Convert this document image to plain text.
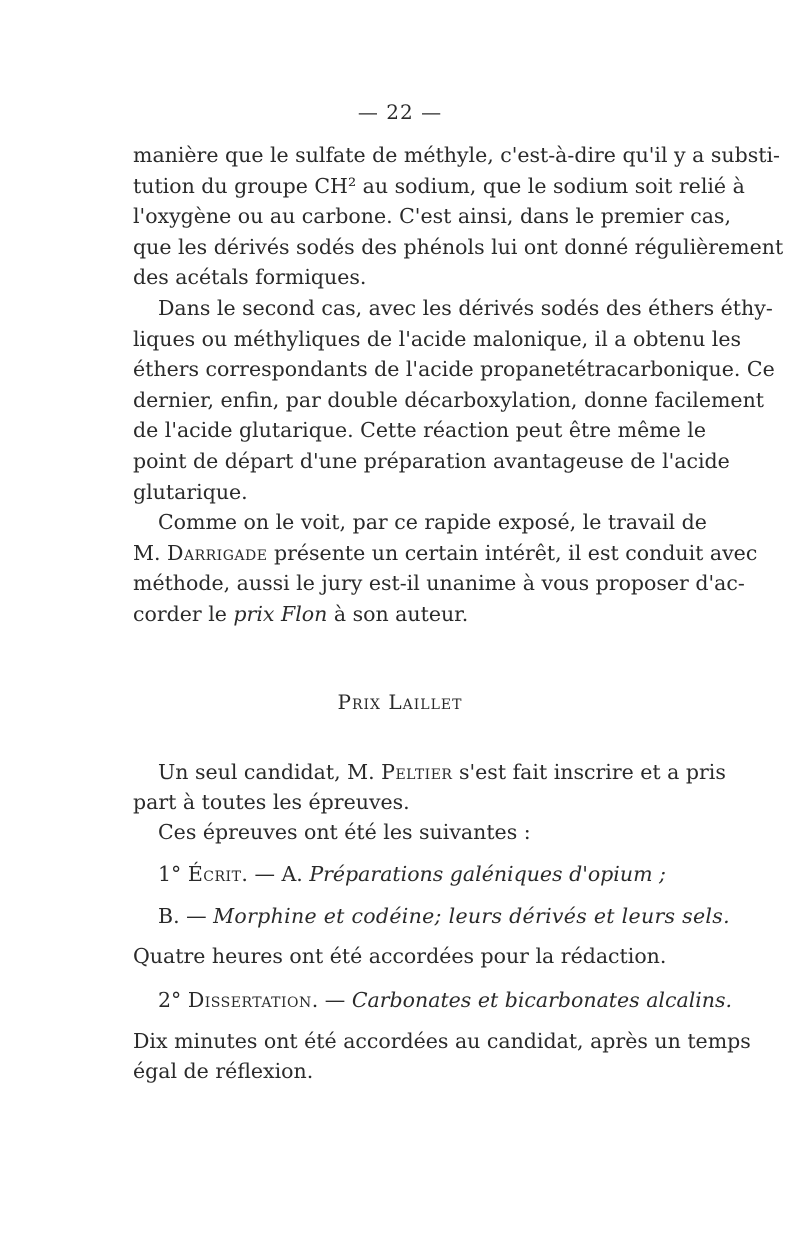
— 22 —

manière que le sulfate de méthyle, c'est-à-dire qu'il y a substi-
tution du groupe CH² au sodium, que le sodium soit relié à
l'oxygène ou au carbone. C'est ainsi, dans le premier cas,
que les dérivés sodés des phénols lui ont donné régulièrement
des acétals formiques.

Dans le second cas, avec les dérivés sodés des éthers éthy-
liques ou méthyliques de l'acide malonique, il a obtenu les
éthers correspondants de l'acide propanetétracarbonique. Ce
dernier, enfin, par double décarboxylation, donne facilement
de l'acide glutarique. Cette réaction peut être même le
point de départ d'une préparation avantageuse de l'acide
glutarique.

Comme on le voit, par ce rapide exposé, le travail de
M. Darrigade présente un certain intérêt, il est conduit avec
méthode, aussi le jury est-il unanime à vous proposer d'ac-
corder le prix Flon à son auteur.

Prix Laillet
Un seul candidat, M. Peltier s'est fait inscrire et a pris
part à toutes les épreuves.
Ces épreuves ont été les suivantes :
1° Écrit. — A. Préparations galéniques d'opium ;
B. — Morphine et codéine; leurs dérivés et leurs sels.
Quatre heures ont été accordées pour la rédaction.
2° Dissertation. — Carbonates et bicarbonates alcalins.
Dix minutes ont été accordées au candidat, après un temps
égal de réflexion.
